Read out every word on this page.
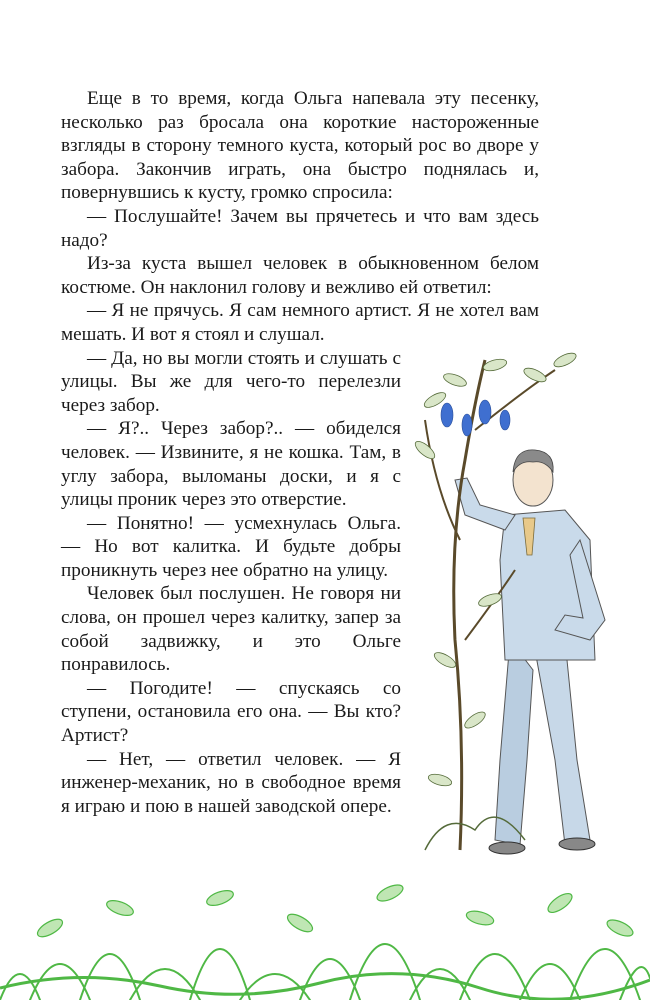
Еще в то время, когда Ольга напевала эту песенку, несколько раз бросала она короткие настороженные взгляды в сторону темного куста, который рос во дворе у забора. Закончив играть, она быстро поднялась и, повернувшись к кусту, громко спросила:

— Послушайте! Зачем вы прячетесь и что вам здесь надо?

Из-за куста вышел человек в обыкновенном белом костюме. Он наклонил голову и вежливо ей ответил:

— Я не прячусь. Я сам немного артист. Я не хотел вам мешать. И вот я стоял и слушал.

— Да, но вы могли стоять и слушать с улицы. Вы же для чего-то перелезли через забор.

— Я?.. Через забор?.. — обиделся человек. — Извините, я не кошка. Там, в углу забора, выломаны доски, и я с улицы проник через это отверстие.

— Понятно! — усмехнулась Ольга. — Но вот калитка. И будьте добры проникнуть через нее обратно на улицу.

Человек был послушен. Не говоря ни слова, он прошел через калитку, запер за собой задвижку, и это Ольге понравилось.

— Погодите! — спускаясь со ступени, остановила его она. — Вы кто? Артист?

— Нет, — ответил человек. — Я инженер-механик, но в свободное время я играю и пою в нашей заводской опере.
